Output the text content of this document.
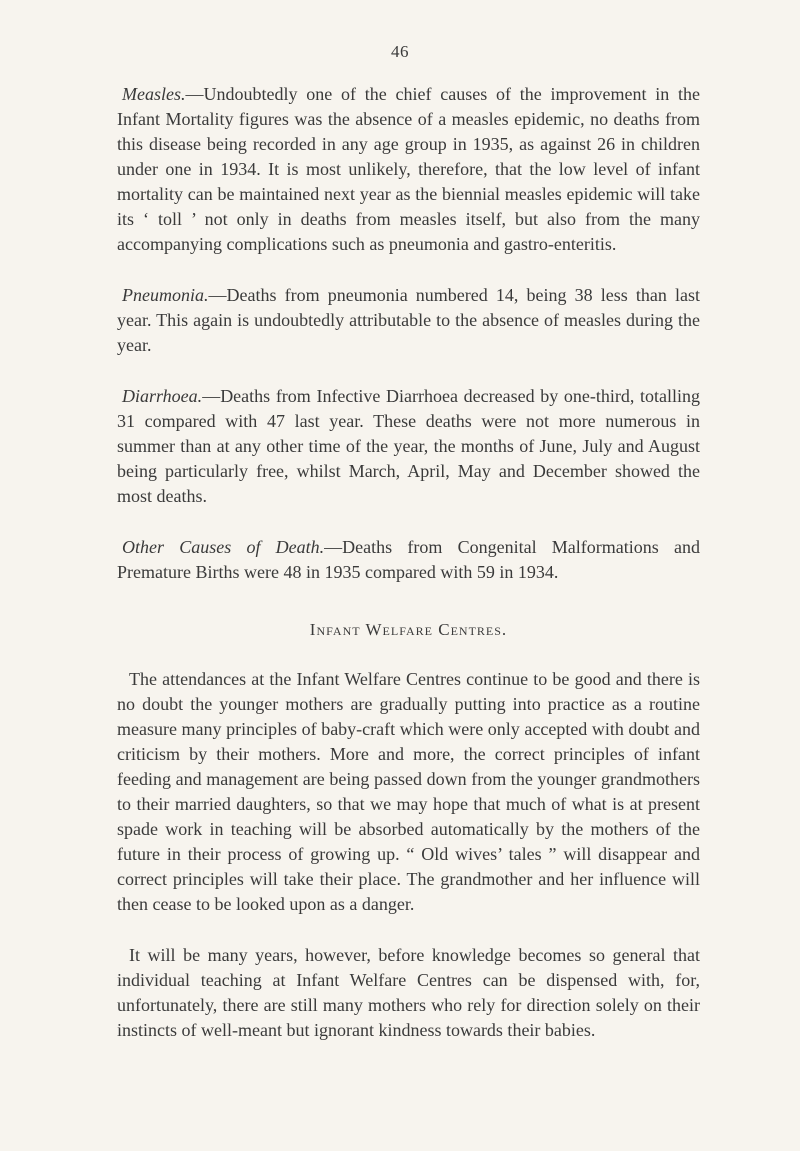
46

Measles.—Undoubtedly one of the chief causes of the improvement in the Infant Mortality figures was the absence of a measles epidemic, no deaths from this disease being recorded in any age group in 1935, as against 26 in children under one in 1934. It is most unlikely, therefore, that the low level of infant mortality can be maintained next year as the biennial measles epidemic will take its ‘ toll ’ not only in deaths from measles itself, but also from the many accompanying complications such as pneumonia and gastro-enteritis.

Pneumonia.—Deaths from pneumonia numbered 14, being 38 less than last year. This again is undoubtedly attributable to the absence of measles during the year.

Diarrhoea.—Deaths from Infective Diarrhoea decreased by one-third, totalling 31 compared with 47 last year. These deaths were not more numerous in summer than at any other time of the year, the months of June, July and August being particularly free, whilst March, April, May and December showed the most deaths.

Other Causes of Death.—Deaths from Congenital Malformations and Premature Births were 48 in 1935 compared with 59 in 1934.

Infant Welfare Centres.

The attendances at the Infant Welfare Centres continue to be good and there is no doubt the younger mothers are gradually putting into practice as a routine measure many principles of baby-craft which were only accepted with doubt and criticism by their mothers. More and more, the correct principles of infant feeding and management are being passed down from the younger grandmothers to their married daughters, so that we may hope that much of what is at present spade work in teaching will be absorbed automatically by the mothers of the future in their process of growing up. “ Old wives’ tales ” will disappear and correct principles will take their place. The grandmother and her influence will then cease to be looked upon as a danger.

It will be many years, however, before knowledge becomes so general that individual teaching at Infant Welfare Centres can be dispensed with, for, unfortunately, there are still many mothers who rely for direction solely on their instincts of well-meant but ignorant kindness towards their babies.
